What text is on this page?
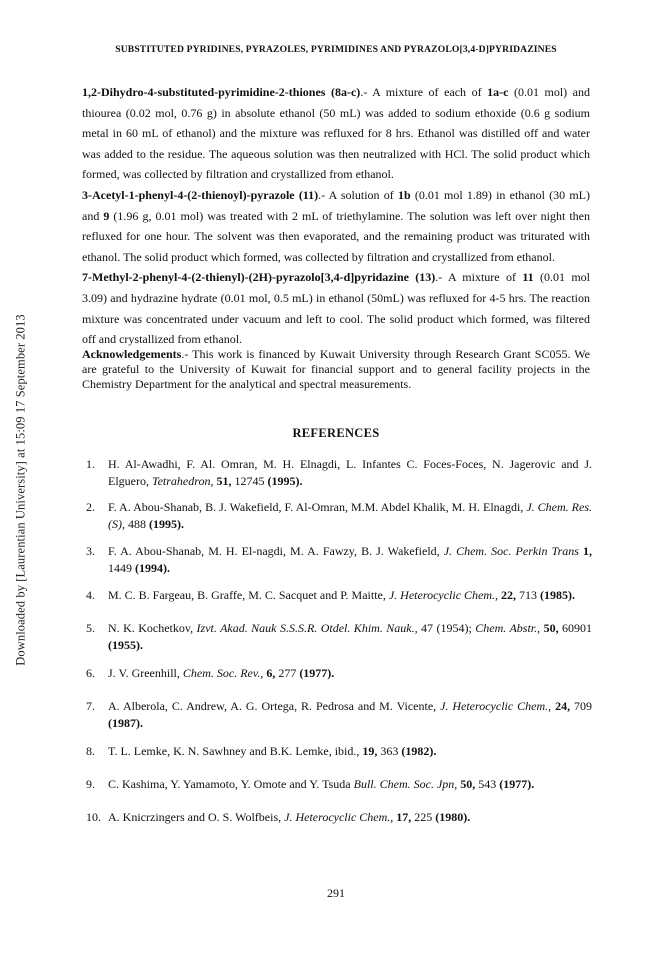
Downloaded by [Laurentian University] at 15:09 17 September 2013
SUBSTITUTED PYRIDINES, PYRAZOLES, PYRIMIDINES AND PYRAZOLO[3,4-D]PYRIDAZINES

1,2-Dihydro-4-substituted-pyrimidine-2-thiones (8a-c).- A mixture of each of 1a-c (0.01 mol) and thiourea (0.02 mol, 0.76 g) in absolute ethanol (50 mL) was added to sodium ethoxide (0.6 g sodium metal in 60 mL of ethanol) and the mixture was refluxed for 8 hrs. Ethanol was distilled off and water was added to the residue. The aqueous solution was then neutralized with HCl. The solid product which formed, was collected by filtration and crystallized from ethanol.

3-Acetyl-1-phenyl-4-(2-thienoyl)-pyrazole (11).- A solution of 1b (0.01 mol 1.89) in ethanol (30 mL) and 9 (1.96 g, 0.01 mol) was treated with 2 mL of triethylamine. The solution was left over night then refluxed for one hour. The solvent was then evaporated, and the remaining product was triturated with ethanol. The solid product which formed, was collected by filtration and crystallized from ethanol.

7-Methyl-2-phenyl-4-(2-thienyl)-(2H)-pyrazolo[3,4-d]pyridazine (13).- A mixture of 11 (0.01 mol 3.09) and hydrazine hydrate (0.01 mol, 0.5 mL) in ethanol (50mL) was refluxed for 4-5 hrs. The reaction mixture was concentrated under vacuum and left to cool. The solid product which formed, was filtered off and crystallized from ethanol.

Acknowledgements.- This work is financed by Kuwait University through Research Grant SC055. We are grateful to the University of Kuwait for financial support and to general facility projects in the Chemistry Department for the analytical and spectral measurements.

REFERENCES
1.	H. Al-Awadhi, F. Al. Omran, M. H. Elnagdi, L. Infantes C. Foces-Foces, N. Jagerovic and J. Elguero, Tetrahedron, 51, 12745 (1995).
2.	F. A. Abou-Shanab, B. J. Wakefield, F. Al-Omran, M.M. Abdel Khalik, M. H. Elnagdi, J. Chem. Res. (S), 488 (1995).
3.	F. A. Abou-Shanab, M. H. El-nagdi, M. A. Fawzy, B. J. Wakefield, J. Chem. Soc. Perkin Trans 1, 1449 (1994).
4.	M. C. B. Fargeau, B. Graffe, M. C. Sacquet and P. Maitte, J. Heterocyclic Chem., 22, 713 (1985).
5.	N. K. Kochetkov, Izvt. Akad. Nauk S.S.S.R. Otdel. Khim. Nauk., 47 (1954); Chem. Abstr., 50, 60901 (1955).
6.	J. V. Greenhill, Chem. Soc. Rev., 6, 277 (1977).
7.	A. Alberola, C. Andrew, A. G. Ortega, R. Pedrosa and M. Vicente, J. Heterocyclic Chem., 24, 709 (1987).
8.	T. L. Lemke, K. N. Sawhney and B.K. Lemke, ibid., 19, 363 (1982).
9.	C. Kashima, Y. Yamamoto, Y. Omote and Y. Tsuda Bull. Chem. Soc. Jpn, 50, 543 (1977).
10. A. Knicrzingers and O. S. Wolfbeis, J. Heterocyclic Chem., 17, 225 (1980).
291
